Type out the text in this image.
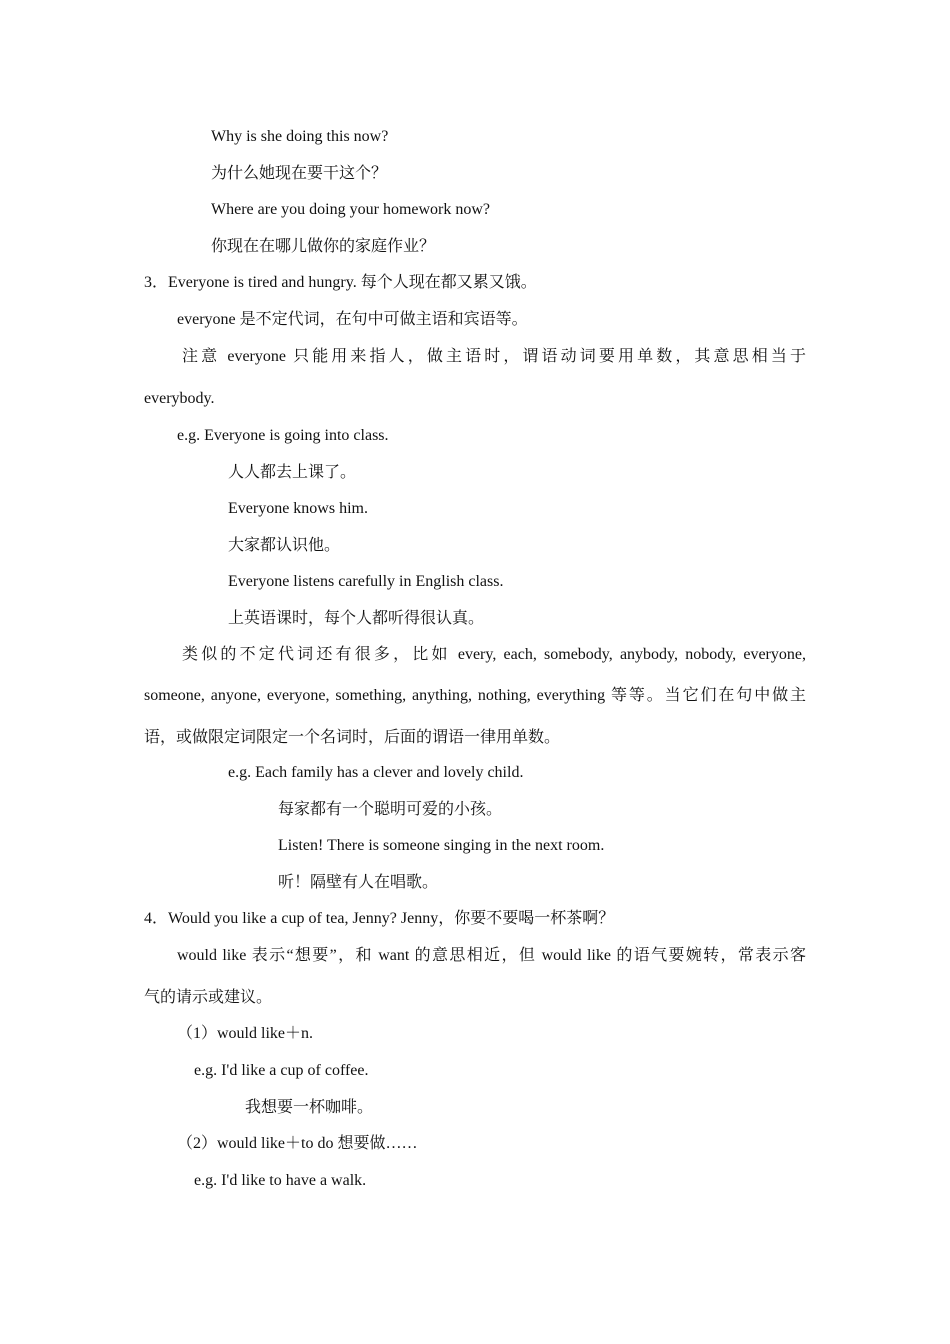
Why is she doing this now?
为什么她现在要干这个？
Where are you doing your homework now?
你现在在哪儿做你的家庭作业？
3．Everyone is tired and hungry. 每个人现在都又累又饿。
everyone 是不定代词，在句中可做主语和宾语等。
注意 everyone 只能用来指人，做主语时，谓语动词要用单数，其意思相当于
everybody.
e.g. Everyone is going into class.
人人都去上课了。
Everyone knows him.
大家都认识他。
Everyone listens carefully in English class.
上英语课时，每个人都听得很认真。
类似的不定代词还有很多，比如 every, each, somebody, anybody, nobody, everyone,
someone, anyone, everyone, something, anything, nothing, everything 等等。当它们在句中做主
语，或做限定词限定一个名词时，后面的谓语一律用单数。
e.g. Each family has a clever and lovely child.
每家都有一个聪明可爱的小孩。
Listen! There is someone singing in the next room.
听！隔壁有人在唱歌。
4．Would you like a cup of tea, Jenny? Jenny，你要不要喝一杯茶啊？
would like 表示“想要”，和 want 的意思相近，但 would like 的语气要婉转，常表示客
气的请示或建议。
（1）would like＋n.
e.g. I'd like a cup of coffee.
我想要一杯咖啡。
（2）would like＋to do 想要做……
e.g. I'd like to have a walk.
